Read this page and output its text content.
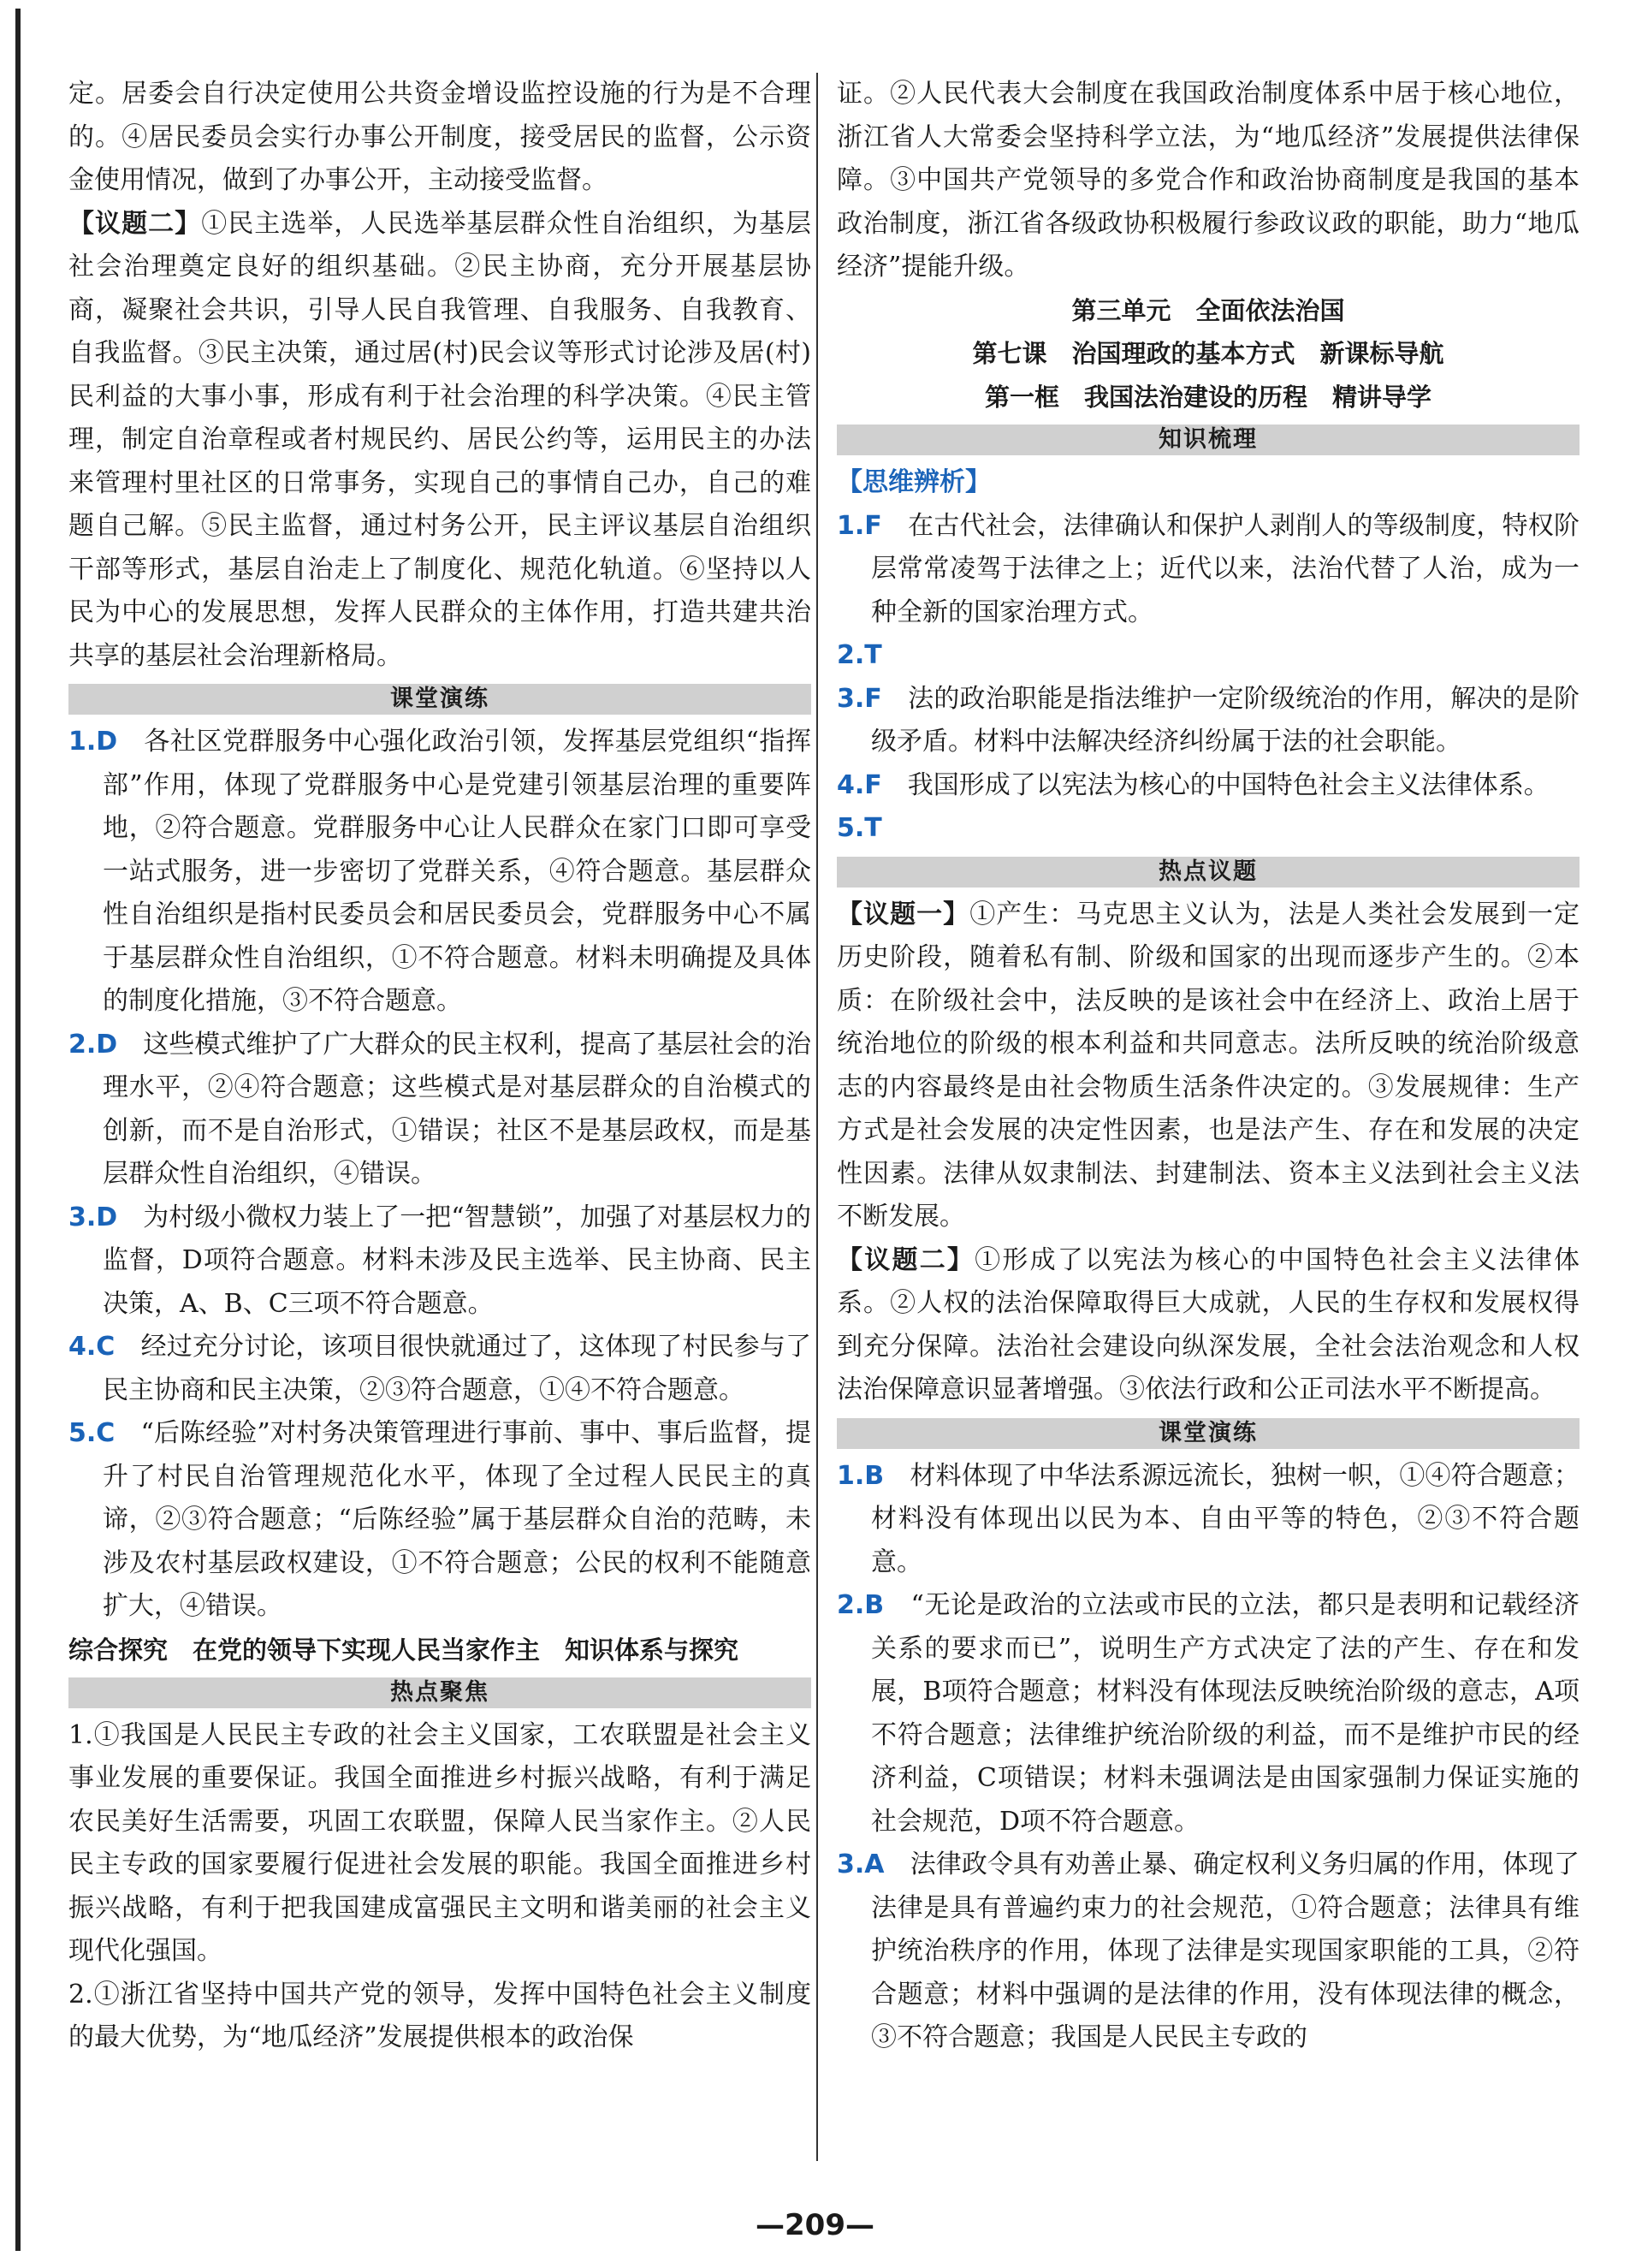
定。居委会自行决定使用公共资金增设监控设施的行为是不合理的。④居民委员会实行办事公开制度，接受居民的监督，公示资金使用情况，做到了办事公开，主动接受监督。

【议题二】①民主选举，人民选举基层群众性自治组织，为基层社会治理奠定良好的组织基础。②民主协商，充分开展基层协商，凝聚社会共识，引导人民自我管理、自我服务、自我教育、自我监督。③民主决策，通过居(村)民会议等形式讨论涉及居(村)民利益的大事小事，形成有利于社会治理的科学决策。④民主管理，制定自治章程或者村规民约、居民公约等，运用民主的办法来管理村里社区的日常事务，实现自己的事情自己办，自己的难题自己解。⑤民主监督，通过村务公开，民主评议基层自治组织干部等形式，基层自治走上了制度化、规范化轨道。⑥坚持以人民为中心的发展思想，发挥人民群众的主体作用，打造共建共治共享的基层社会治理新格局。

课堂演练

1.D　 各社区党群服务中心强化政治引领，发挥基层党组织“指挥部”作用，体现了党群服务中心是党建引领基层治理的重要阵地，②符合题意。党群服务中心让人民群众在家门口即可享受一站式服务，进一步密切了党群关系，④符合题意。基层群众性自治组织是指村民委员会和居民委员会，党群服务中心不属于基层群众性自治组织，①不符合题意。材料未明确提及具体的制度化措施，③不符合题意。

2.D　 这些模式维护了广大群众的民主权利，提高了基层社会的治理水平，②④符合题意；这些模式是对基层群众的自治模式的创新，而不是自治形式，①错误；社区不是基层政权，而是基层群众性自治组织，④错误。

3.D　 为村级小微权力装上了一把“智慧锁”，加强了对基层权力的监督，D项符合题意。材料未涉及民主选举、民主协商、民主决策，A、B、C三项不符合题意。

4.C　 经过充分讨论，该项目很快就通过了，这体现了村民参与了民主协商和民主决策，②③符合题意，①④不符合题意。

5.C　 “后陈经验”对村务决策管理进行事前、事中、事后监督，提升了村民自治管理规范化水平，体现了全过程人民民主的真谛，②③符合题意；“后陈经验”属于基层群众自治的范畴，未涉及农村基层政权建设，①不符合题意；公民的权利不能随意扩大，④错误。

综合探究　在党的领导下实现人民当家作主　知识体系与探究

热点聚焦

1.①我国是人民民主专政的社会主义国家，工农联盟是社会主义事业发展的重要保证。我国全面推进乡村振兴战略，有利于满足农民美好生活需要，巩固工农联盟，保障人民当家作主。②人民民主专政的国家要履行促进社会发展的职能。我国全面推进乡村振兴战略，有利于把我国建成富强民主文明和谐美丽的社会主义现代化强国。

2.①浙江省坚持中国共产党的领导，发挥中国特色社会主义制度的最大优势，为“地瓜经济”发展提供根本的政治保

证。②人民代表大会制度在我国政治制度体系中居于核心地位，浙江省人大常委会坚持科学立法，为“地瓜经济”发展提供法律保障。③中国共产党领导的多党合作和政治协商制度是我国的基本政治制度，浙江省各级政协积极履行参政议政的职能，助力“地瓜经济”提能升级。

第三单元　全面依法治国

第七课　治国理政的基本方式　新课标导航

第一框　我国法治建设的历程　精讲导学

知识梳理

【思维辨析】

1.F　 在古代社会，法律确认和保护人剥削人的等级制度，特权阶层常常凌驾于法律之上；近代以来，法治代替了人治，成为一种全新的国家治理方式。

2.T　

3.F　 法的政治职能是指法维护一定阶级统治的作用，解决的是阶级矛盾。材料中法解决经济纠纷属于法的社会职能。

4.F　 我国形成了以宪法为核心的中国特色社会主义法律体系。

5.T　

热点议题

【议题一】①产生：马克思主义认为，法是人类社会发展到一定历史阶段，随着私有制、阶级和国家的出现而逐步产生的。②本质：在阶级社会中，法反映的是该社会中在经济上、政治上居于统治地位的阶级的根本利益和共同意志。法所反映的统治阶级意志的内容最终是由社会物质生活条件决定的。③发展规律：生产方式是社会发展的决定性因素，也是法产生、存在和发展的决定性因素。法律从奴隶制法、封建制法、资本主义法到社会主义法不断发展。

【议题二】①形成了以宪法为核心的中国特色社会主义法律体系。②人权的法治保障取得巨大成就，人民的生存权和发展权得到充分保障。法治社会建设向纵深发展，全社会法治观念和人权法治保障意识显著增强。③依法行政和公正司法水平不断提高。

课堂演练

1.B　 材料体现了中华法系源远流长，独树一帜，①④符合题意；材料没有体现出以民为本、自由平等的特色，②③不符合题意。

2.B　 “无论是政治的立法或市民的立法，都只是表明和记载经济关系的要求而已”，说明生产方式决定了法的产生、存在和发展，B项符合题意；材料没有体现法反映统治阶级的意志，A项不符合题意；法律维护统治阶级的利益，而不是维护市民的经济利益，C项错误；材料未强调法是由国家强制力保证实施的社会规范，D项不符合题意。

3.A　 法律政令具有劝善止暴、确定权利义务归属的作用，体现了法律是具有普遍约束力的社会规范，①符合题意；法律具有维护统治秩序的作用，体现了法律是实现国家职能的工具，②符合题意；材料中强调的是法律的作用，没有体现法律的概念，③不符合题意；我国是人民民主专政的

—209—
